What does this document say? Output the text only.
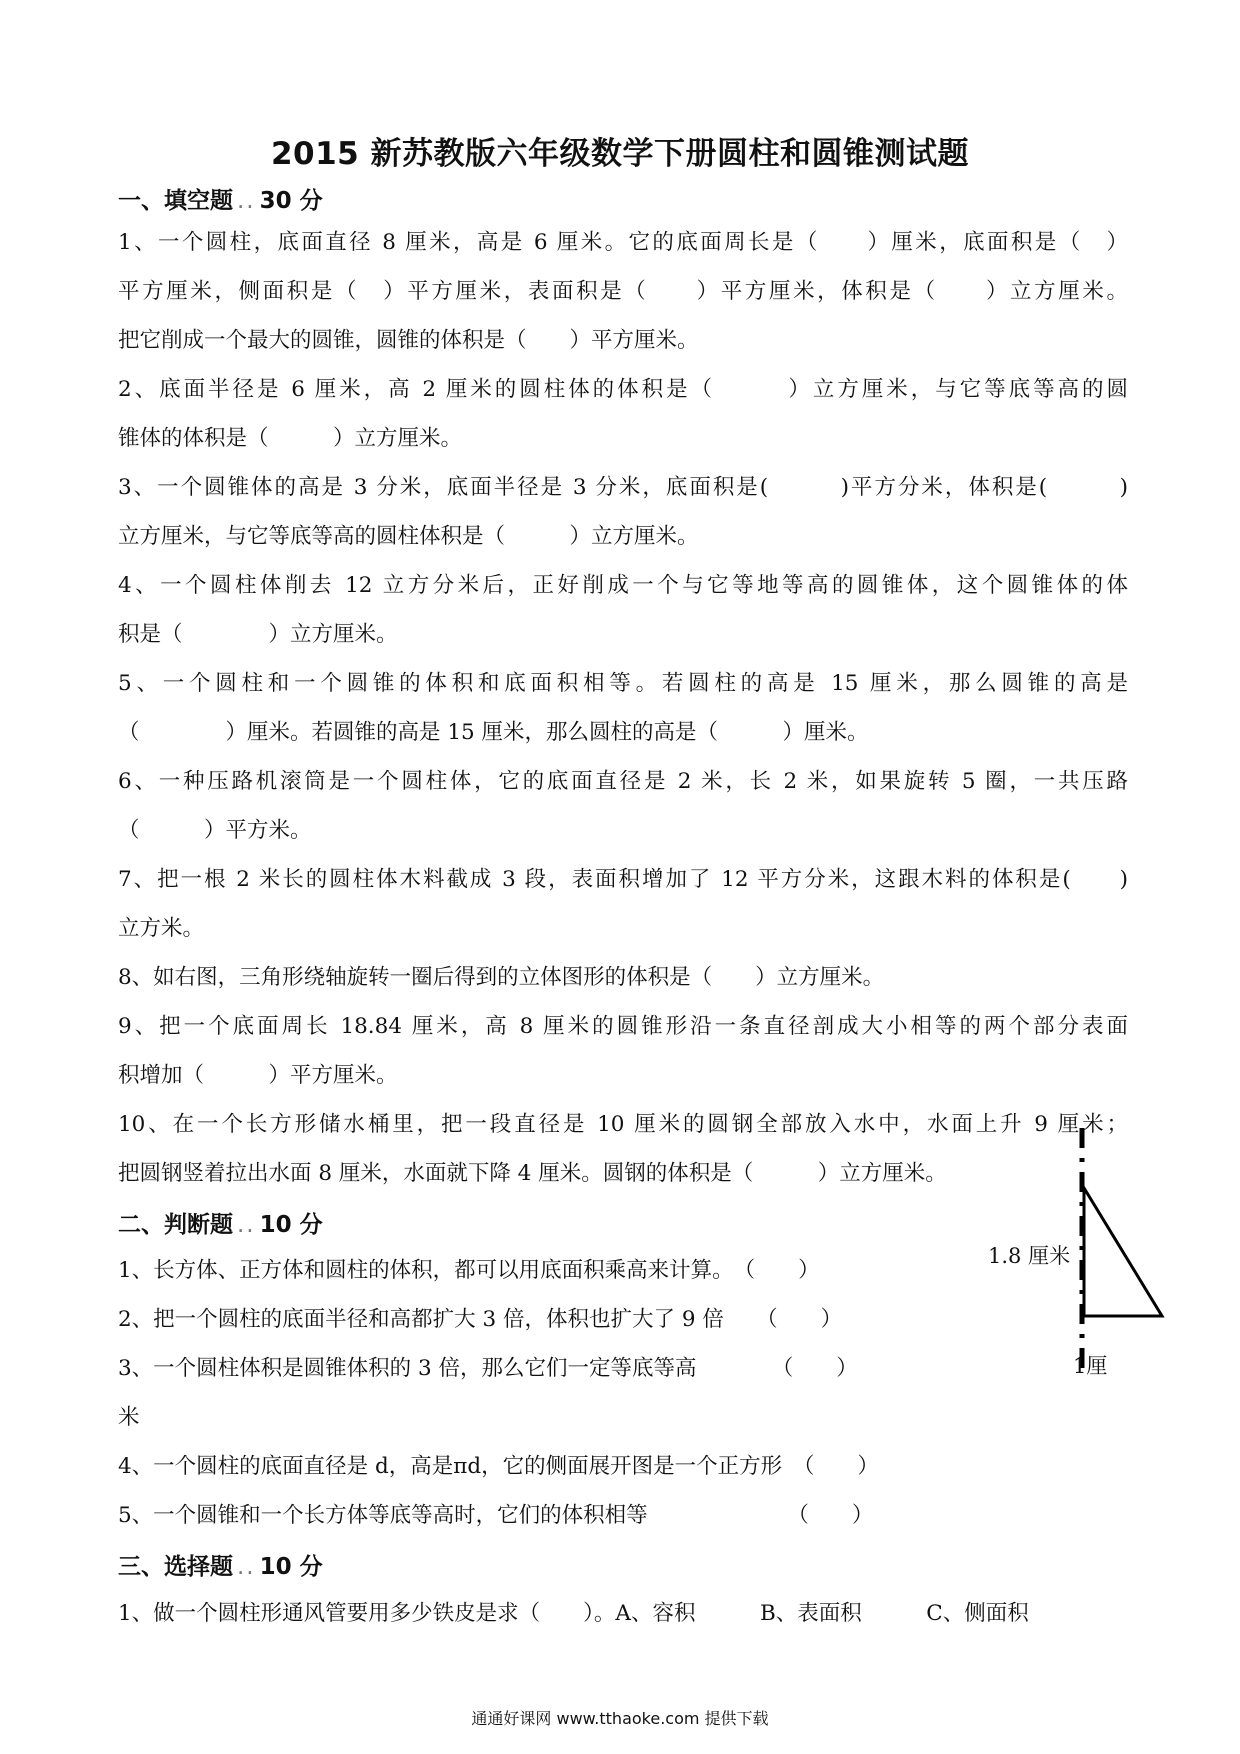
2015 新苏教版六年级数学下册圆柱和圆锥测试题
一、填空题 .. 30 分
1、一个圆柱，底面直径 8 厘米，高是 6 厘米。它的底面周长是（　　）厘米，底面积是（　）
平方厘米，侧面积是（　）平方厘米，表面积是（　　）平方厘米，体积是（　　）立方厘米。
把它削成一个最大的圆锥，圆锥的体积是（　　）平方厘米。
2、底面半径是 6 厘米，高 2 厘米的圆柱体的体积是（　　　）立方厘米，与它等底等高的圆
锥体的体积是（　　　）立方厘米。
3、一个圆锥体的高是 3 分米，底面半径是 3 分米，底面积是(　　　)平方分米，体积是(　　　)
立方厘米，与它等底等高的圆柱体积是（　　　）立方厘米。
4、一个圆柱体削去 12 立方分米后，正好削成一个与它等地等高的圆锥体，这个圆锥体的体
积是（　　　　）立方厘米。
5、一个圆柱和一个圆锥的体积和底面积相等。若圆柱的高是 15 厘米，那么圆锥的高是
（　　　　）厘米。若圆锥的高是 15 厘米，那么圆柱的高是（　　　）厘米。
6、一种压路机滚筒是一个圆柱体，它的底面直径是 2 米，长 2 米，如果旋转 5 圈，一共压路
（　　　）平方米。
7、把一根 2 米长的圆柱体木料截成 3 段，表面积增加了 12 平方分米，这跟木料的体积是(　　)
立方米。
8、如右图，三角形绕轴旋转一圈后得到的立体图形的体积是（　　）立方厘米。
9、把一个底面周长 18.84 厘米，高 8 厘米的圆锥形沿一条直径剖成大小相等的两个部分表面
积增加（　　　）平方厘米。
10、在一个长方形储水桶里，把一段直径是 10 厘米的圆钢全部放入水中，水面上升 9 厘米；
把圆钢竖着拉出水面 8 厘米，水面就下降 4 厘米。圆钢的体积是（　　　）立方厘米。
二、判断题 .. 10 分
1、长方体、正方体和圆柱的体积，都可以用底面积乘高来计算。　（　　）
2、把一个圆柱的底面半径和高都扩大 3 倍，体积也扩大了 9 倍　　（　　）
3、一个圆柱体积是圆锥体积的 3 倍，那么它们一定等底等高　　　　（　　）
米
4、一个圆柱的底面直径是 d，高是πd，它的侧面展开图是一个正方形　（　　）
5、一个圆锥和一个长方体等底等高时，它们的体积相等　　　　　　　（　　）
三、选择题 .. 10 分
1、做一个圆柱形通风管要用多少铁皮是求（　　）。A、容积　　　B、表面积　　　C、侧面积
1.8 厘米
1厘
通通好课网 www.tthaoke.com 提供下载
